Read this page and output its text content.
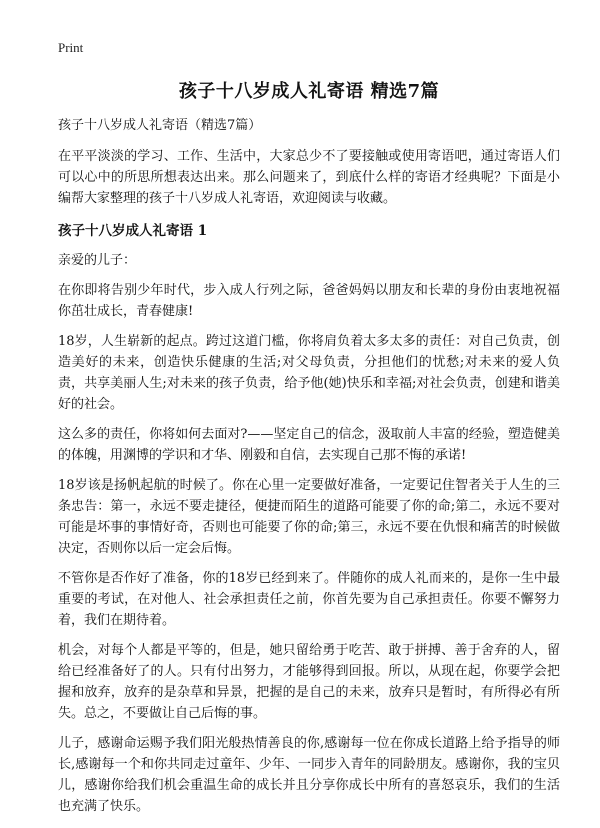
Print
孩子十八岁成人礼寄语 精选7篇
孩子十八岁成人礼寄语（精选7篇）

在平平淡淡的学习、工作、生活中，大家总少不了要接触或使用寄语吧，通过寄语人们可以心中的所思所想表达出来。那么问题来了，到底什么样的寄语才经典呢？下面是小编帮大家整理的孩子十八岁成人礼寄语，欢迎阅读与收藏。

孩子十八岁成人礼寄语 1

亲爱的儿子：

在你即将告别少年时代，步入成人行列之际，爸爸妈妈以朋友和长辈的身份由衷地祝福你茁壮成长，青春健康!

18岁，人生崭新的起点。跨过这道门槛，你将肩负着太多太多的责任：对自己负责，创造美好的未来，创造快乐健康的生活;对父母负责，分担他们的忧愁;对未来的爱人负责，共享美丽人生;对未来的孩子负责，给予他(她)快乐和幸福;对社会负责，创建和谐美好的社会。

这么多的责任，你将如何去面对?——坚定自己的信念，汲取前人丰富的经验，塑造健美的体魄，用渊博的学识和才华、刚毅和自信，去实现自己那不悔的承诺!

18岁该是扬帆起航的时候了。你在心里一定要做好准备，一定要记住智者关于人生的三条忠告：第一，永远不要走捷径，便捷而陌生的道路可能要了你的命;第二，永远不要对可能是坏事的事情好奇，否则也可能要了你的命;第三，永远不要在仇恨和痛苦的时候做决定，否则你以后一定会后悔。

不管你是否作好了准备，你的18岁已经到来了。伴随你的成人礼而来的，是你一生中最重要的考试，在对他人、社会承担责任之前，你首先要为自己承担责任。你要不懈努力着，我们在期待着。

机会，对每个人都是平等的，但是，她只留给勇于吃苦、敢于拼搏、善于舍弃的人，留给已经准备好了的人。只有付出努力，才能够得到回报。所以，从现在起，你要学会把握和放弃，放弃的是杂草和异景，把握的是自己的未来，放弃只是暂时，有所得必有所失。总之，不要做让自己后悔的事。

儿子，感谢命运赐予我们阳光般热情善良的你,感谢每一位在你成长道路上给予指导的师长,感谢每一个和你共同走过童年、少年、一同步入青年的同龄朋友。感谢你，我的宝贝儿，感谢你给我们机会重温生命的成长并且分享你成长中所有的喜怒哀乐，我们的生活也充满了快乐。
